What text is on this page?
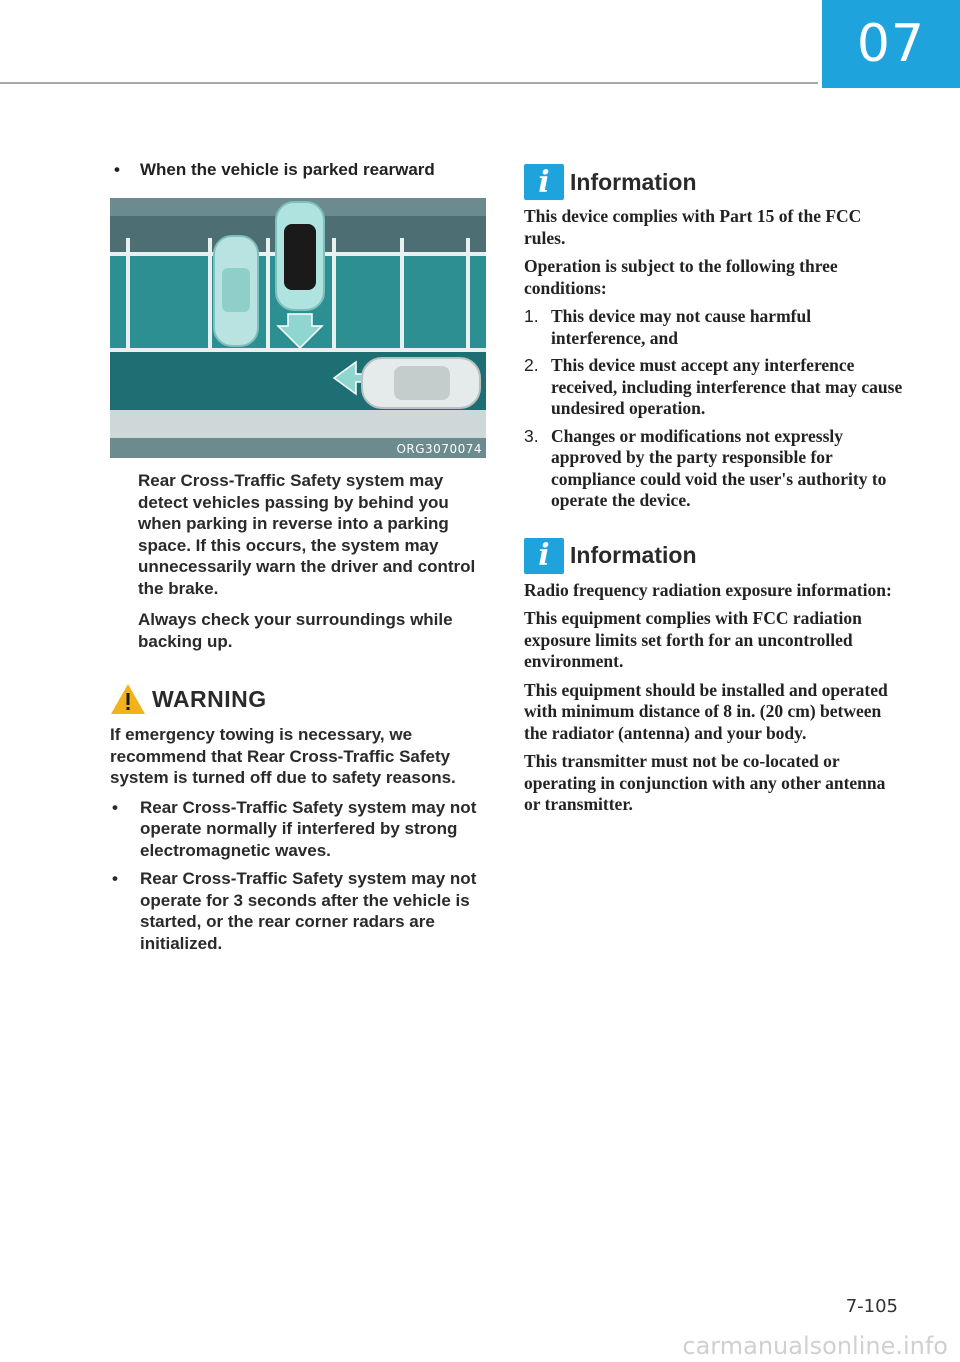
07
•	When the vehicle is parked rearward
ORG3070074

Rear Cross-Traffic Safety system may detect vehicles passing by behind you when parking in reverse into a parking space. If this occurs, the system may unnecessarily warn the driver and control the brake.

Always check your surroundings while backing up.

WARNING
If emergency towing is necessary, we recommend that Rear Cross-Traffic Safety system is turned off due to safety reasons.
•	Rear Cross-Traffic Safety system may not operate normally if interfered by strong electromagnetic waves.
•	Rear Cross-Traffic Safety system may not operate for 3 seconds after the vehicle is started, or the rear corner radars are initialized.
i Information

This device complies with Part 15 of the FCC rules.

Operation is subject to the following three conditions:

1. This device may not cause harmful interference, and
2. This device must accept any interference received, including interference that may cause undesired operation.
3. Changes or modifications not expressly approved by the party responsible for compliance could void the user's authority to operate the device.
i Information

Radio frequency radiation exposure information:

This equipment complies with FCC radiation exposure limits set forth for an uncontrolled environment.

This equipment should be installed and operated with minimum distance of 8 in. (20 cm) between the radiator (antenna) and your body.

This transmitter must not be co-located or operating in conjunction with any other antenna or transmitter.

7-105
carmanualsonline.info
